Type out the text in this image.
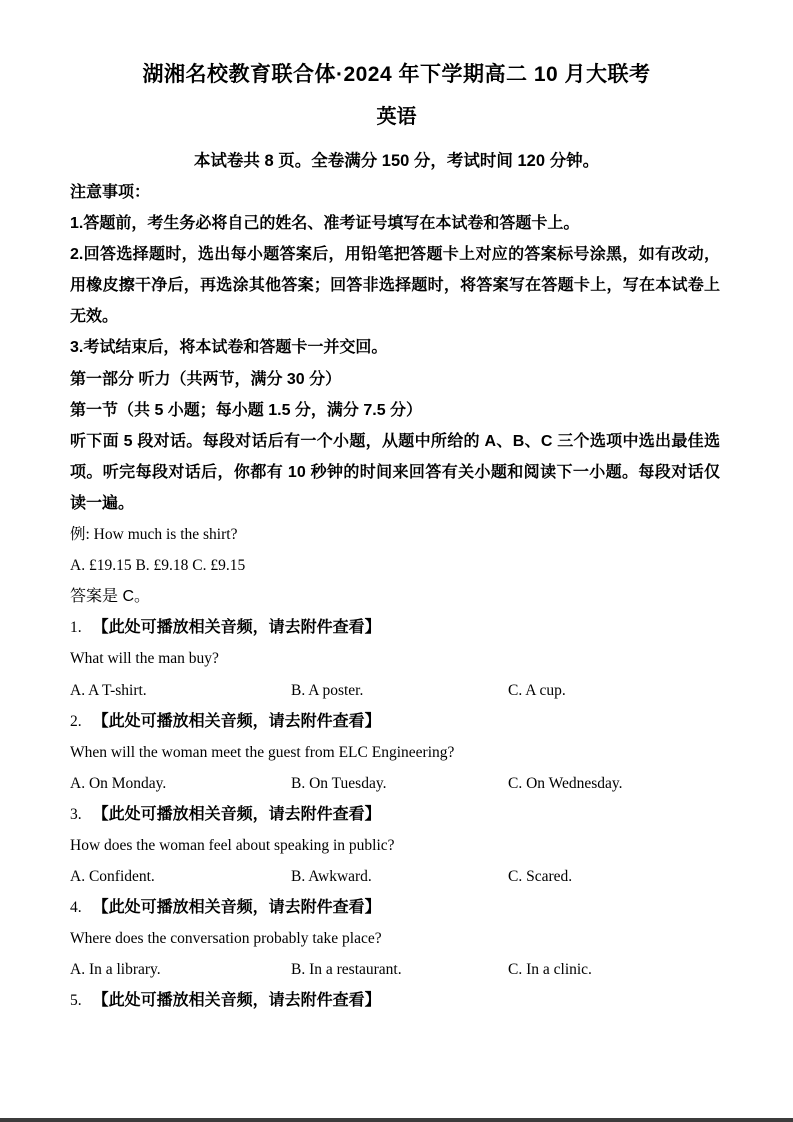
湖湘名校教育联合体·2024 年下学期高二 10 月大联考
英语
本试卷共 8 页。全卷满分 150 分，考试时间 120 分钟。

注意事项：

1.答题前，考生务必将自己的姓名、准考证号填写在本试卷和答题卡上。

2.回答选择题时，选出每小题答案后，用铅笔把答题卡上对应的答案标号涂黑，如有改动，用橡皮擦干净后，再选涂其他答案；回答非选择题时，将答案写在答题卡上，写在本试卷上无效。

3.考试结束后，将本试卷和答题卡一并交回。

第一部分 听力（共两节，满分 30 分）

第一节（共 5 小题；每小题 1.5 分，满分 7.5 分）

听下面 5 段对话。每段对话后有一个小题，从题中所给的 A、B、C 三个选项中选出最佳选项。听完每段对话后，你都有 10 秒钟的时间来回答有关小题和阅读下一小题。每段对话仅读一遍。

例: How much is the shirt?

A. £19.15 B. £9.18 C. £9.15

答案是 C。

1. 【此处可播放相关音频，请去附件查看】

What will the man buy?

A. A T-shirt.	B. A poster.	C. A cup.
2. 【此处可播放相关音频，请去附件查看】

When will the woman meet the guest from ELC Engineering?

A. On Monday.	B. On Tuesday.	C. On Wednesday.
3. 【此处可播放相关音频，请去附件查看】

How does the woman feel about speaking in public?

A. Confident.	B. Awkward.	C. Scared.
4. 【此处可播放相关音频，请去附件查看】

Where does the conversation probably take place?

A. In a library.	B. In a restaurant.	C. In a clinic.
5. 【此处可播放相关音频，请去附件查看】
